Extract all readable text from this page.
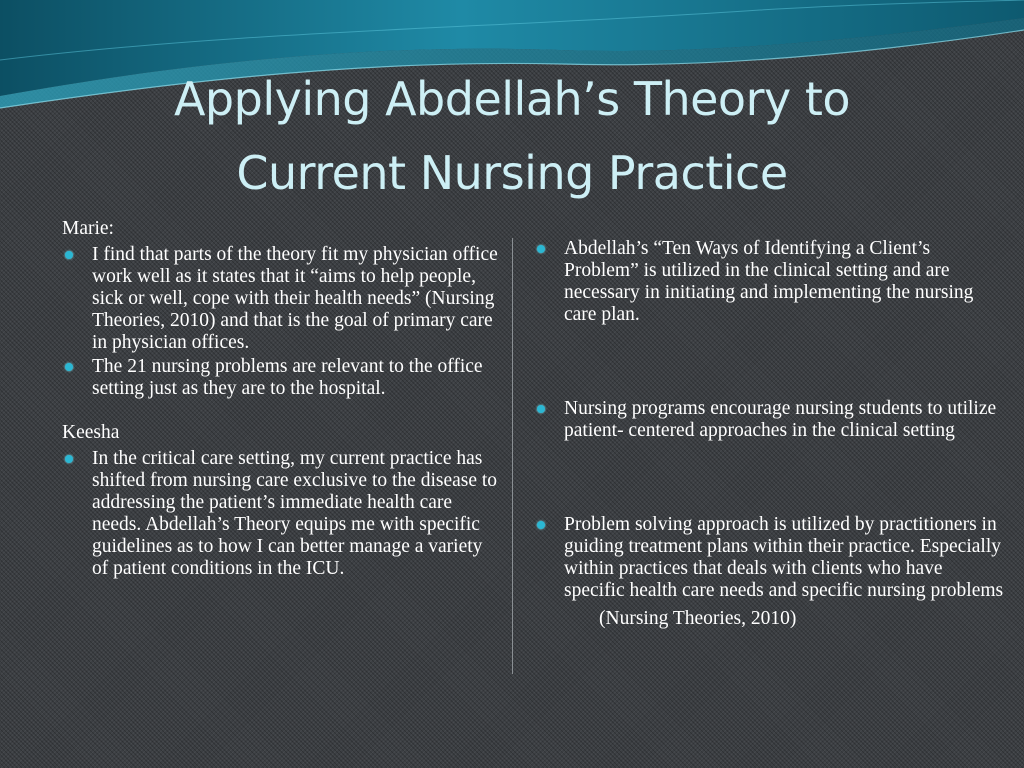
Applying Abdellah’s Theory to
Current Nursing Practice

Marie:

I find that parts of the theory fit my physician office work well as it states that it “aims to help people, sick or well, cope with their health needs” (Nursing Theories, 2010) and that is the goal of primary care in physician offices.
The 21 nursing problems are relevant to the office setting just as they are to the hospital.

Keesha

In the critical care setting, my current practice has shifted from nursing care exclusive to the disease to addressing the patient’s immediate health care needs. Abdellah’s Theory equips me with specific guidelines as to how I can better manage a variety of patient conditions in the ICU.
Abdellah’s “Ten Ways of Identifying a Client’s Problem” is utilized in the clinical setting and are necessary in initiating and implementing the nursing care plan.
Nursing programs encourage nursing students to utilize patient- centered approaches in the clinical setting
Problem solving approach is utilized by practitioners in guiding treatment plans within their practice. Especially within practices that deals with clients who have specific health care needs and specific nursing problems
(Nursing Theories, 2010)
